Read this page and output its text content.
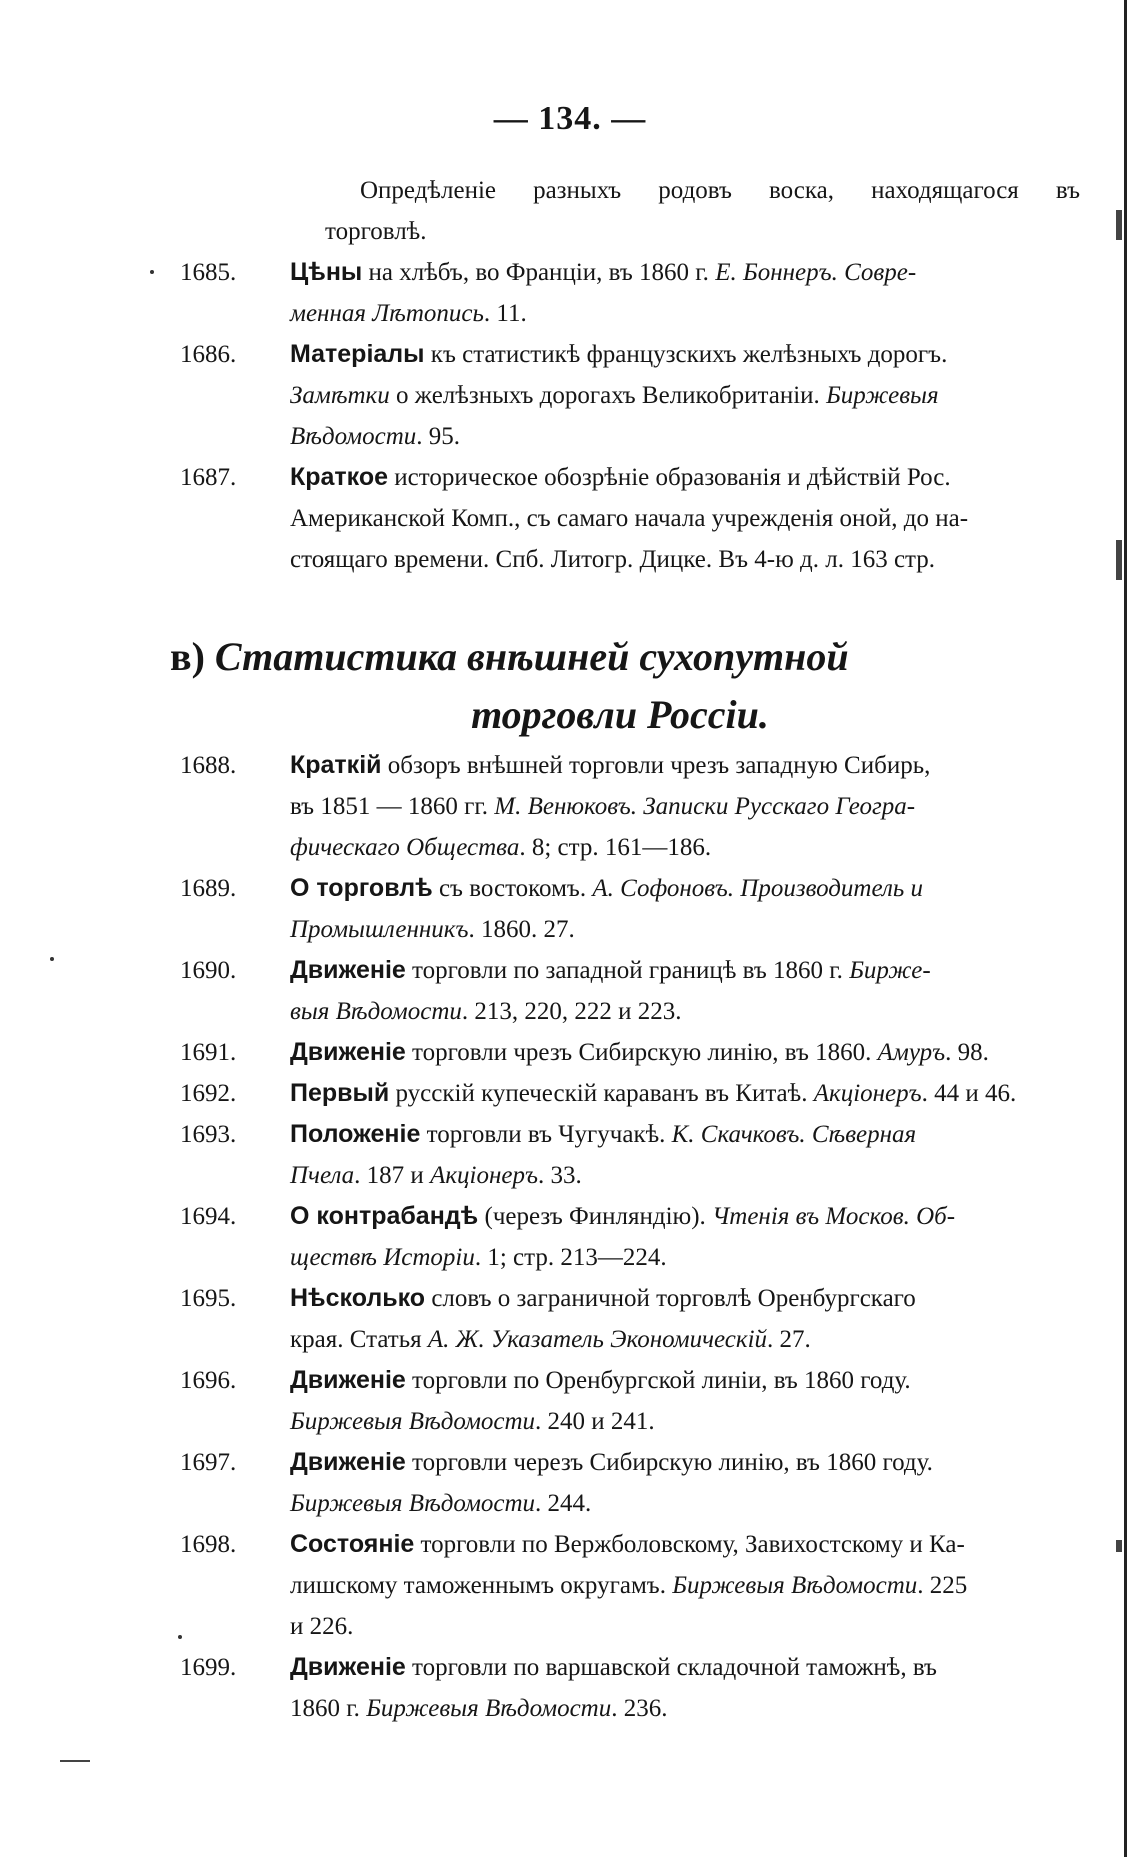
— 134. —
Опредѣленіе разныхъ родовъ воска, находящагося въ
торговлѣ.
1685. Цѣны на хлѣбъ, во Франціи, въ 1860 г. Е. Боннеръ. Совре-
менная Лѣтопись. 11.
1686. Матеріалы къ статистикѣ французскихъ желѣзныхъ дорогъ.
Замѣтки о желѣзныхъ дорогахъ Великобританіи. Биржевыя
Вѣдомости. 95.
1687. Краткое историческое обозрѣніе образованія и дѣйствій Рос.
Американской Комп., съ самаго начала учрежденія оной, до на-
стоящаго времени. Спб. Литогр. Дицке. Въ 4-ю д. л. 163 стр.
в) Статистика внѣшней сухопутной
торговли Россіи.
1688. Краткій обзоръ внѣшней торговли чрезъ западную Сибирь,
въ 1851 — 1860 гг. М. Венюковъ. Записки Русскаго Геогра-
фическаго Общества. 8; стр. 161—186.
1689. О торговлѣ съ востокомъ. А. Софоновъ. Производитель и
Промышленникъ. 1860. 27.
1690. Движеніе торговли по западной границѣ въ 1860 г. Бирже-
выя Вѣдомости. 213, 220, 222 и 223.
1691. Движеніе торговли чрезъ Сибирскую линію, въ 1860. Амуръ. 98.
1692. Первый русскій купеческій караванъ въ Китаѣ. Акціонеръ. 44 и 46.
1693. Положеніе торговли въ Чугучакѣ. К. Скачковъ. Сѣверная
Пчела. 187 и Акціонеръ. 33.
1694. О контрабандѣ (черезъ Финляндію). Чтенія въ Москов. Об-
ществѣ Исторіи. 1; стр. 213—224.
1695. Нѣсколько словъ о заграничной торговлѣ Оренбургскаго
края. Статья А. Ж. Указатель Экономическій. 27.
1696. Движеніе торговли по Оренбургской линіи, въ 1860 году.
Биржевыя Вѣдомости. 240 и 241.
1697. Движеніе торговли черезъ Сибирскую линію, въ 1860 году.
Биржевыя Вѣдомости. 244.
1698. Состояніе торговли по Вержболовскому, Завихостскому и Ка-
лишскому таможеннымъ округамъ. Биржевыя Вѣдомости. 225
и 226.
1699. Движеніе торговли по варшавской складочной таможнѣ, въ
1860 г. Биржевыя Вѣдомости. 236.
